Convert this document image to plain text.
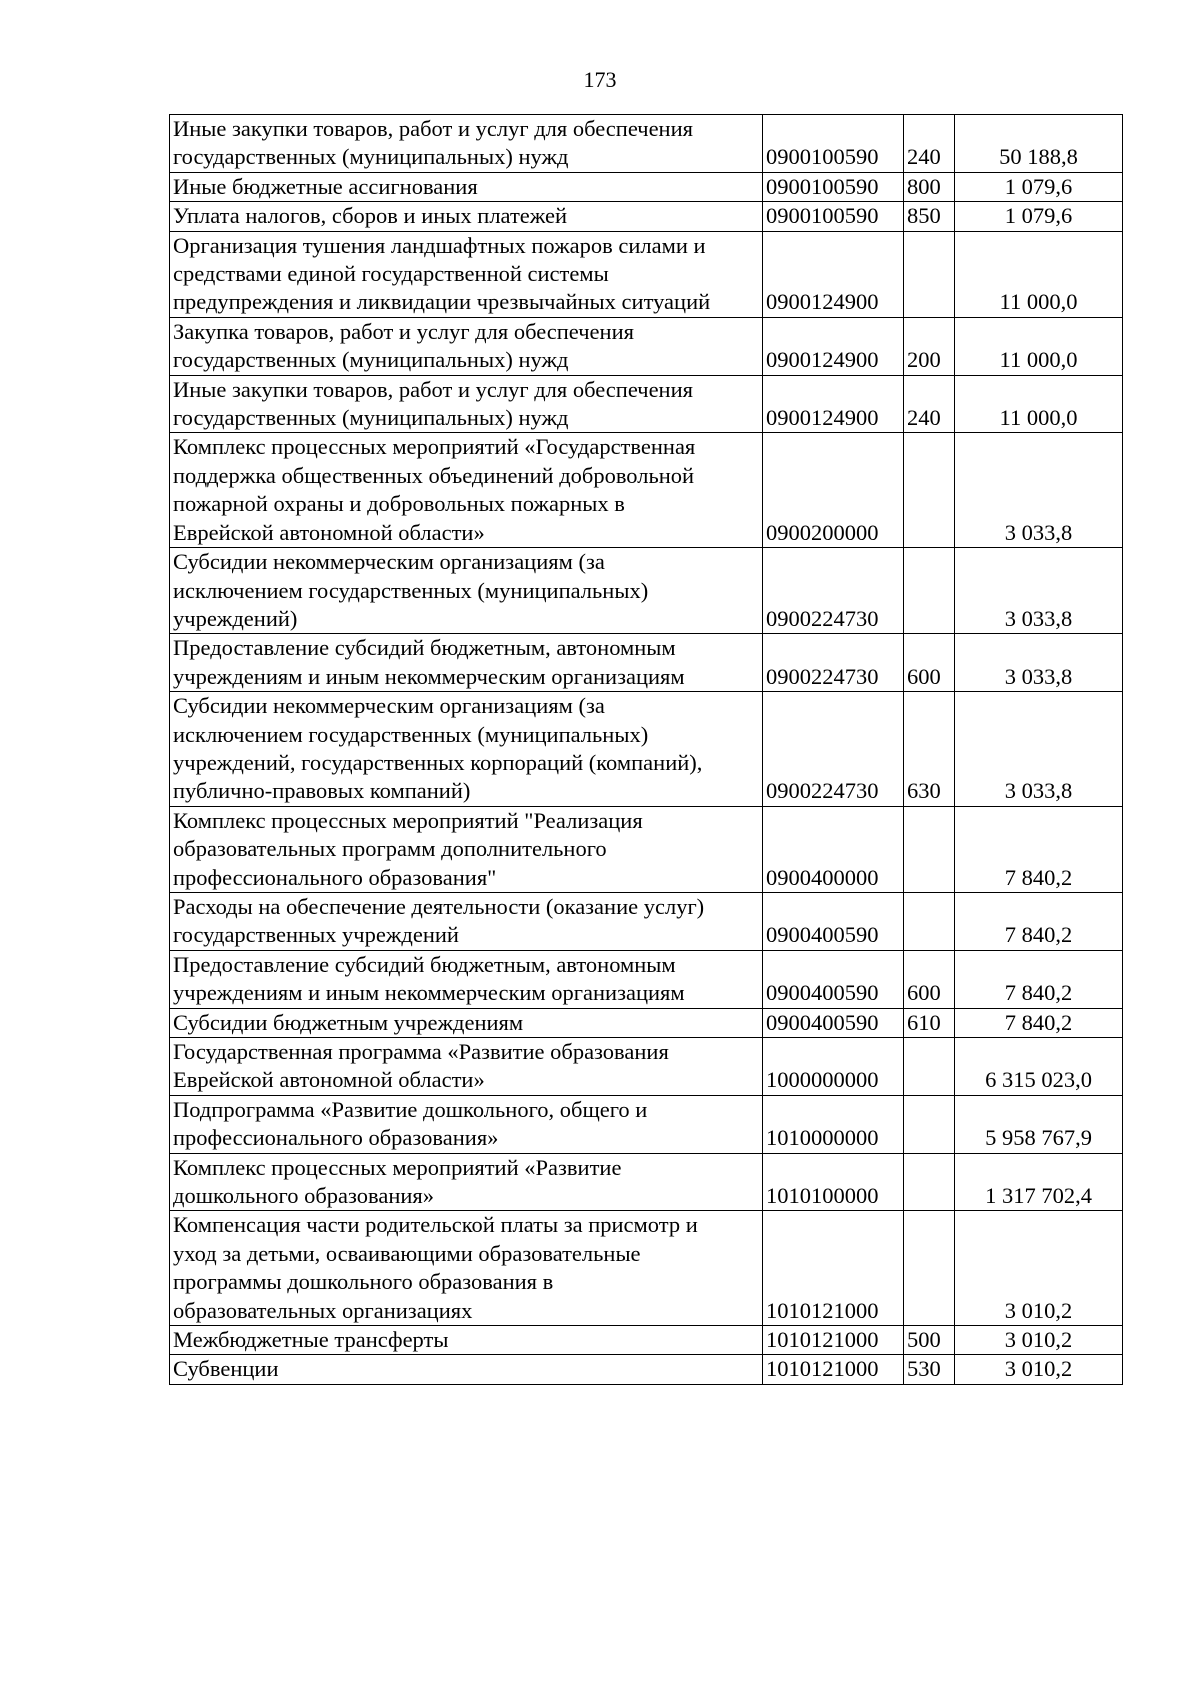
173
Иные закупки товаров, работ и услуг для обеспечения
государственных (муниципальных) нужд	0900100590	240	50 188,8

Иные бюджетные ассигнования	0900100590	800	1 079,6

Уплата налогов, сборов и иных платежей	0900100590	850	1 079,6

Организация тушения ландшафтных пожаров силами и
средствами единой государственной системы
предупреждения и ликвидации чрезвычайных ситуаций	0900124900		11 000,0

Закупка товаров, работ и услуг для обеспечения
государственных (муниципальных) нужд	0900124900	200	11 000,0

Иные закупки товаров, работ и услуг для обеспечения
государственных (муниципальных) нужд	0900124900	240	11 000,0

Комплекс процессных мероприятий «Государственная
поддержка общественных объединений добровольной
пожарной охраны и добровольных пожарных в
Еврейской автономной области»	0900200000		3 033,8

Субсидии некоммерческим организациям (за
исключением государственных (муниципальных)
учреждений)	0900224730		3 033,8

Предоставление субсидий бюджетным, автономным
учреждениям и иным некоммерческим организациям	0900224730	600	3 033,8

Субсидии некоммерческим организациям (за
исключением государственных (муниципальных)
учреждений, государственных корпораций (компаний),
публично-правовых компаний)	0900224730	630	3 033,8

Комплекс процессных мероприятий "Реализация
образовательных программ дополнительного
профессионального образования"	0900400000		7 840,2

Расходы на обеспечение деятельности (оказание услуг)
государственных учреждений	0900400590		7 840,2

Предоставление субсидий бюджетным, автономным
учреждениям и иным некоммерческим организациям	0900400590	600	7 840,2

Субсидии бюджетным учреждениям	0900400590	610	7 840,2

Государственная программа «Развитие образования
Еврейской автономной области»	1000000000		6 315 023,0

Подпрограмма «Развитие дошкольного, общего и
профессионального образования»	1010000000		5 958 767,9

Комплекс процессных мероприятий «Развитие
дошкольного образования»	1010100000		1 317 702,4

Компенсация части родительской платы за присмотр и
уход за детьми, осваивающими образовательные
программы дошкольного образования в
образовательных организациях	1010121000		3 010,2

Межбюджетные трансферты	1010121000	500	3 010,2

Субвенции	1010121000	530	3 010,2
